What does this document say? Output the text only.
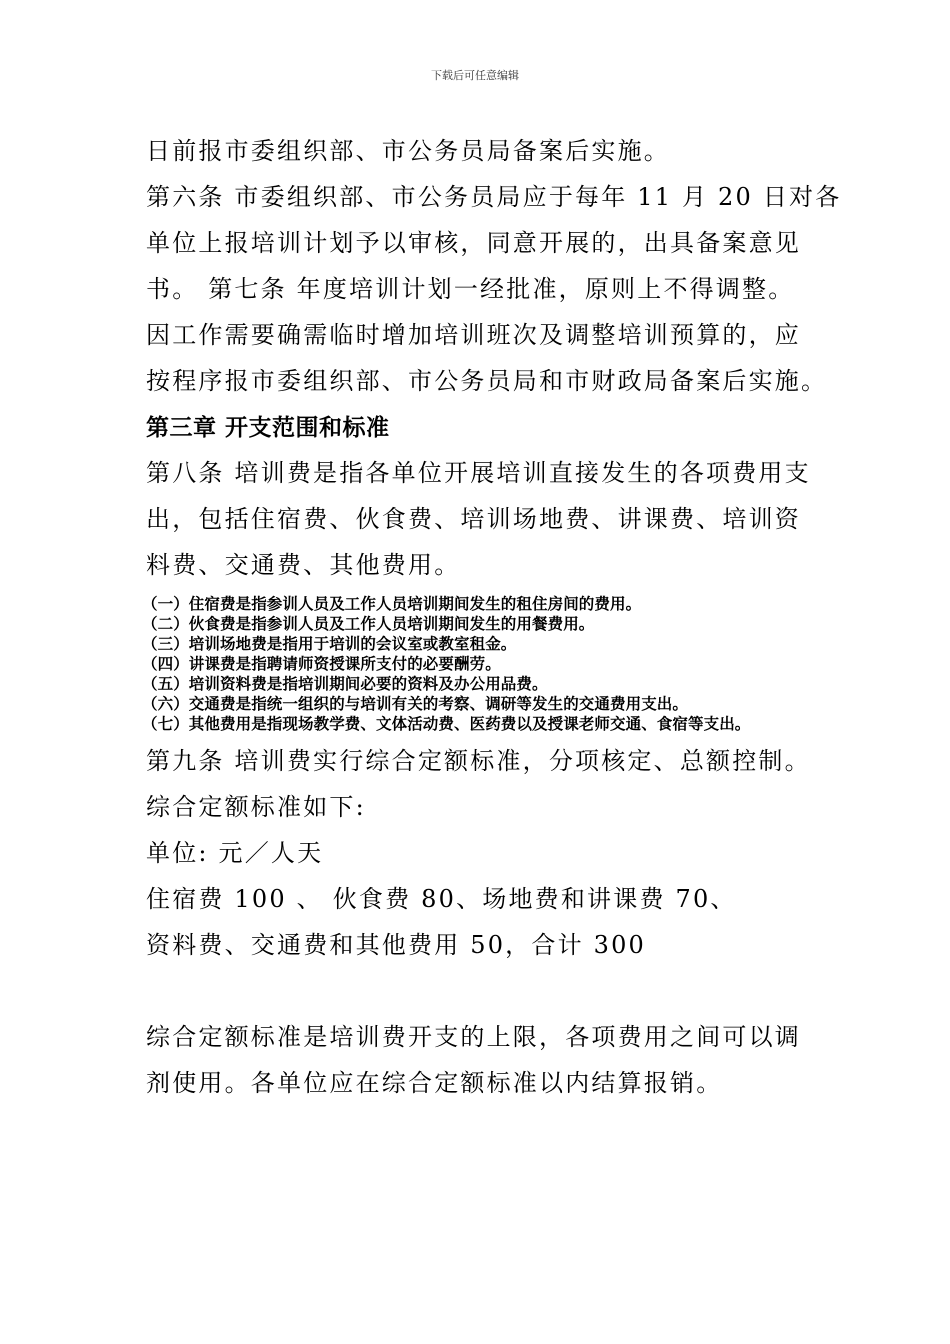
下载后可任意编辑

日前报市委组织部、市公务员局备案后实施。

第六条 市委组织部、市公务员局应于每年 11 月 20 日对各

单位上报培训计划予以审核，同意开展的，出具备案意见

书。 第七条 年度培训计划一经批准，原则上不得调整。

因工作需要确需临时增加培训班次及调整培训预算的，应

按程序报市委组织部、市公务员局和市财政局备案后实施。

第三章 开支范围和标准

第八条 培训费是指各单位开展培训直接发生的各项费用支

出，包括住宿费、伙食费、培训场地费、讲课费、培训资

料费、交通费、其他费用。

（一）住宿费是指参训人员及工作人员培训期间发生的租住房间的费用。

（二）伙食费是指参训人员及工作人员培训期间发生的用餐费用。

（三）培训场地费是指用于培训的会议室或教室租金。

（四）讲课费是指聘请师资授课所支付的必要酬劳。

（五）培训资料费是指培训期间必要的资料及办公用品费。

（六）交通费是指统一组织的与培训有关的考察、调研等发生的交通费用支出。

（七）其他费用是指现场教学费、文体活动费、医药费以及授课老师交通、食宿等支出。

第九条 培训费实行综合定额标准，分项核定、总额控制。

综合定额标准如下:

单位: 元／人天

住宿费 100 、 伙食费 80、场地费和讲课费 70、

资料费、交通费和其他费用 50，合计 300

综合定额标准是培训费开支的上限，各项费用之间可以调

剂使用。各单位应在综合定额标准以内结算报销。
